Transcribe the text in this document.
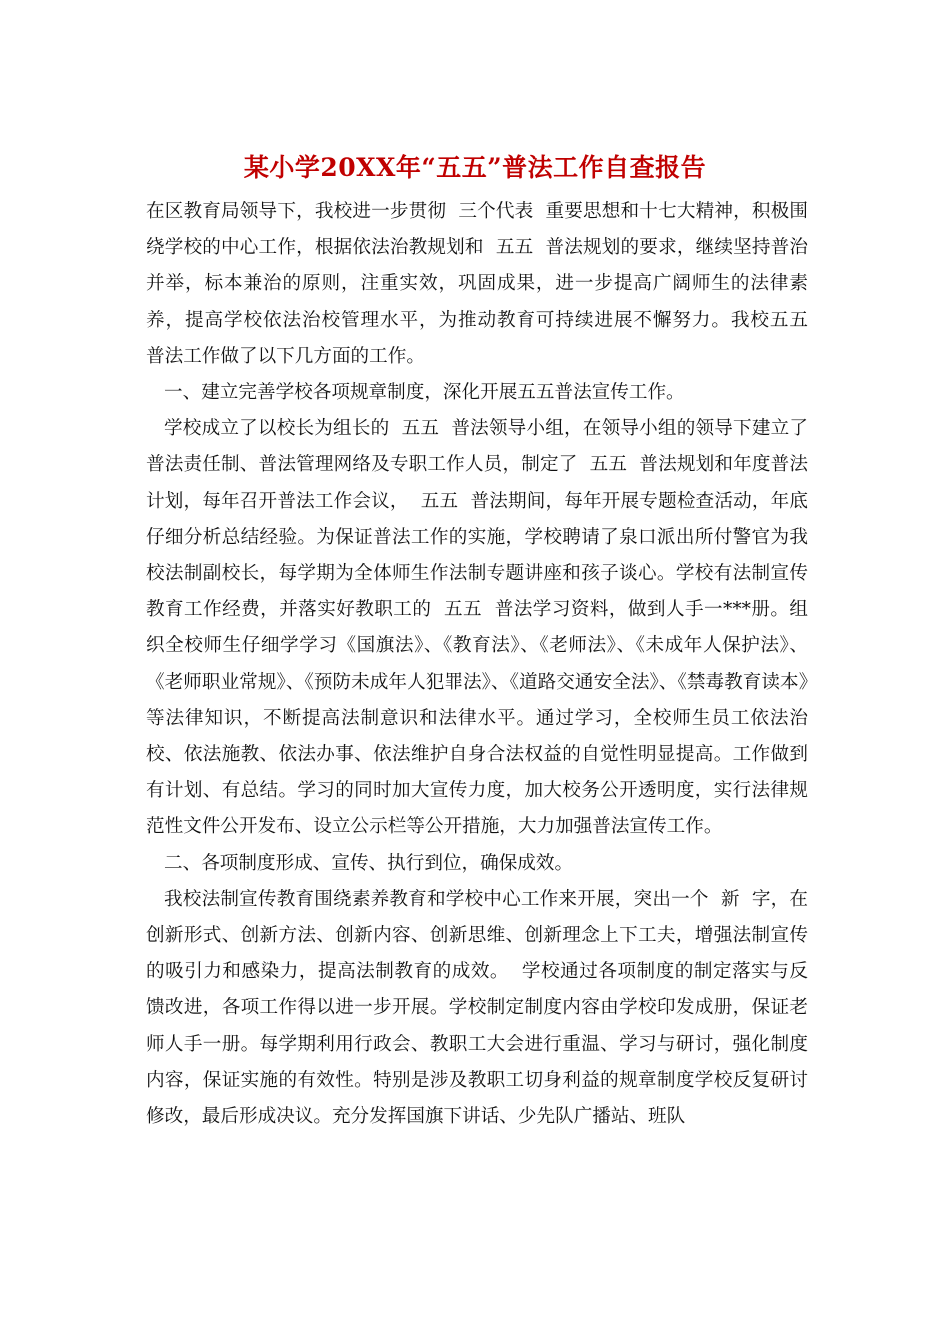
某小学20XX年“五五”普法工作自查报告

在区教育局领导下，我校进一步贯彻  三个代表  重要思想和十七大精神，积极围绕学校的中心工作，根据依法治教规划和  五五  普法规划的要求，继续坚持普治并举，标本兼治的原则，注重实效，巩固成果，进一步提高广阔师生的法律素养，提高学校依法治校管理水平，为推动教育可持续进展不懈努力。我校五五  普法工作做了以下几方面的工作。

一、建立完善学校各项规章制度，深化开展五五普法宣传工作。

学校成立了以校长为组长的  五五  普法领导小组，在领导小组的领导下建立了普法责任制、普法管理网络及专职工作人员，制定了  五五  普法规划和年度普法计划，每年召开普法工作会议，  五五  普法期间，每年开展专题检查活动，年底仔细分析总结经验。为保证普法工作的实施，学校聘请了泉口派出所付警官为我校法制副校长，每学期为全体师生作法制专题讲座和孩子谈心。学校有法制宣传教育工作经费，并落实好教职工的  五五  普法学习资料，做到人手一***册。组织全校师生仔细学学习《国旗法》、《教育法》、《老师法》、《未成年人保护法》、《老师职业常规》、《预防未成年人犯罪法》、《道路交通安全法》、《禁毒教育读本》等法律知识，不断提高法制意识和法律水平。通过学习，全校师生员工依法治校、依法施教、依法办事、依法维护自身合法权益的自觉性明显提高。工作做到有计划、有总结。学习的同时加大宣传力度，加大校务公开透明度，实行法律规范性文件公开发布、设立公示栏等公开措施，大力加强普法宣传工作。

二、各项制度形成、宣传、执行到位，确保成效。

我校法制宣传教育围绕素养教育和学校中心工作来开展，突出一个  新  字，在创新形式、创新方法、创新内容、创新思维、创新理念上下工夫，增强法制宣传的吸引力和感染力，提高法制教育的成效。  学校通过各项制度的制定落实与反馈改进，各项工作得以进一步开展。学校制定制度内容由学校印发成册，保证老师人手一册。每学期利用行政会、教职工大会进行重温、学习与研讨，强化制度内容，保证实施的有效性。特别是涉及教职工切身利益的规章制度学校反复研讨修改，最后形成决议。充分发挥国旗下讲话、少先队广播站、班队
